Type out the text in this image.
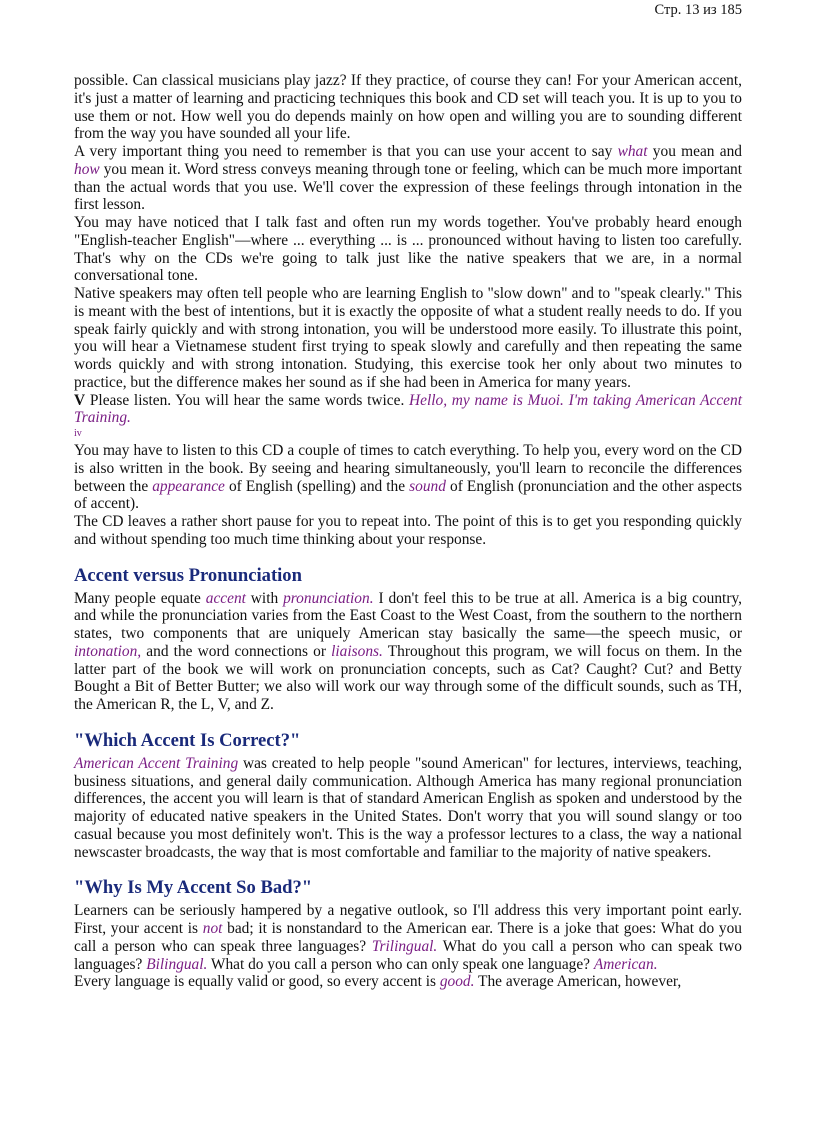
Стр. 13 из 185

possible. Can classical musicians play jazz? If they practice, of course they can! For your American accent, it's just a matter of learning and practicing techniques this book and CD set will teach you. It is up to you to use them or not. How well you do depends mainly on how open and willing you are to sounding different from the way you have sounded all your life.

A very important thing you need to remember is that you can use your accent to say what you mean and how you mean it. Word stress conveys meaning through tone or feeling, which can be much more important than the actual words that you use. We'll cover the expression of these feelings through intonation in the first lesson.

You may have noticed that I talk fast and often run my words together. You've probably heard enough "English-teacher English"—where ... everything ... is ... pronounced without having to listen too carefully. That's why on the CDs we're going to talk just like the native speakers that we are, in a normal conversational tone.

Native speakers may often tell people who are learning English to "slow down" and to "speak clearly." This is meant with the best of intentions, but it is exactly the opposite of what a student really needs to do. If you speak fairly quickly and with strong intonation, you will be understood more easily. To illustrate this point, you will hear a Vietnamese student first trying to speak slowly and carefully and then repeating the same words quickly and with strong intonation. Studying, this exercise took her only about two minutes to practice, but the difference makes her sound as if she had been in America for many years.

V Please listen. You will hear the same words twice. Hello, my name is Muoi. I'm taking American Accent Training.

iv

You may have to listen to this CD a couple of times to catch everything. To help you, every word on the CD is also written in the book. By seeing and hearing simultaneously, you'll learn to reconcile the differences between the appearance of English (spelling) and the sound of English (pronunciation and the other aspects of accent).

The CD leaves a rather short pause for you to repeat into. The point of this is to get you responding quickly and without spending too much time thinking about your response.

Accent versus Pronunciation

Many people equate accent with pronunciation. I don't feel this to be true at all. America is a big country, and while the pronunciation varies from the East Coast to the West Coast, from the southern to the northern states, two components that are uniquely American stay basically the same—the speech music, or intonation, and the word connections or liaisons. Throughout this program, we will focus on them. In the latter part of the book we will work on pronunciation concepts, such as Cat? Caught? Cut? and Betty Bought a Bit of Better Butter; we also will work our way through some of the difficult sounds, such as TH, the American R, the L, V, and Z.

"Which Accent Is Correct?"

American Accent Training was created to help people "sound American" for lectures, interviews, teaching, business situations, and general daily communication. Although America has many regional pronunciation differences, the accent you will learn is that of standard American English as spoken and understood by the majority of educated native speakers in the United States. Don't worry that you will sound slangy or too casual because you most definitely won't. This is the way a professor lectures to a class, the way a national newscaster broadcasts, the way that is most comfortable and familiar to the majority of native speakers.

"Why Is My Accent So Bad?"

Learners can be seriously hampered by a negative outlook, so I'll address this very important point early. First, your accent is not bad; it is nonstandard to the American ear. There is a joke that goes: What do you call a person who can speak three languages? Trilingual. What do you call a person who can speak two languages? Bilingual. What do you call a person who can only speak one language? American.

Every language is equally valid or good, so every accent is good. The average American, however,
